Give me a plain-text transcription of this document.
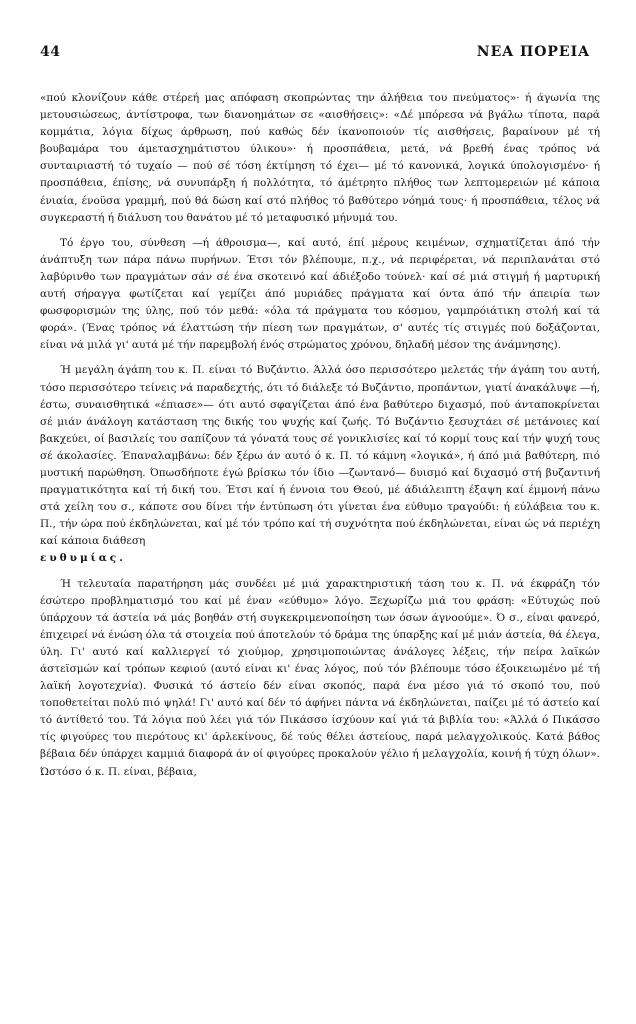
44	ΝΕΑ ΠΟΡΕΙΑ

«πού κλονίζουν κάθε στέρεή μας απόφαση σκοπρώντας την άλήθεια του πνεύματος»· ή άγωνία της μετουσιώσεως, άντίστροφα, των διανοημάτων σε «αισθήσεις»: «Δέ μπόρεσα νά βγάλω τίποτα, παρά κομμάτια, λόγια δίχως άρθρωση, πού καθώς δέν ίκανοποιούν τίς αισθήσεις, βαραίνουν μέ τή βουβαμάρα του άμετασχημάτιστου ύλικου»· ή προσπάθεια, μετά, νά βρεθή ένας τρόπος νά συνταιριαστή τό τυχαίο — πού σέ τόση έκτίμηση τό έχει— μέ τό κανονικά, λογικά ύπολογισμένο· ή προσπάθεια, έπίσης, νά συνυπάρξη ή πολλότητα, τό άμέτρητο πλήθος των λεπτομερειών μέ κάποια ένιαία, ένοϋσα γραμμή, πού θά δώση καί στό πλήθος τό βαθύτερο νόημά τους· ή προσπάθεια, τέλος νά συγκεραστή ή διάλυση του θανάτου μέ τό μεταφυσικό μήνυμά του.

Τό έργο του, σύνθεση —ή άθροισμα—, καί αυτό, έπί μέρους κειμένων, σχηματίζεται άπό τήν άνάπτυξη των πάρα πάνω πυρήνων. Έτσι τόν βλέπουμε, π.χ., νά περιφέρεται, νά περιπλανάται στό λαβύρινθο των πραγμάτων σάν σέ ένα σκοτεινό καί άδιέξοδο τούνελ· καί σέ μιά στιγμή ή μαρτυρική αυτή σήραγγα φωτίζεται καί γεμίζει άπό μυριάδες πράγματα καί όντα άπό τήν άπειρία των φωσφορισμών της ύλης, πού τόν μεθά: «όλα τά πράγματα του κόσμου, γαμπρόιάτικη στολή καί τά φορά». (Ένας τρόπος νά έλαττώση τήν πίεση των πραγμάτων, σ' αυτές τίς στιγμές πού δοξάζονται, είναι νά μιλά γι' αυτά μέ τήν παρεμβολή ένός στρώματος χρόνου, δηλαδή μέσον της άνάμνησης).

Ή μεγάλη άγάπη του κ. Π. είναι τό Βυζάντιο. Άλλά όσο περισσότερο μελετάς τήν άγάπη του αυτή, τόσο περισσότερο τείνεις νά παραδεχτής, ότι τό διάλεξε τό Βυζάντιο, προπάντων, γιατί άνακάλυψε —ή, έστω, συναισθητικά «έπιασε»— ότι αυτό σφαγίζεται άπό ένα βαθύτερο διχασμό, πού άνταποκρίνεται σέ μιάν άνάλογη κατάσταση της δικής του ψυχής καί ζωής. Τό Βυζάντιο ξεσυχτάει σέ μετάνοιες καί βακχεύει, οί βασιλείς του σαπίζουν τά γόνατά τους σέ γονικλισίες καί τό κορμί τους καί τήν ψυχή τους σέ άκολασίες. Έπαναλαμβάνω: δέν ξέρω άν αυτό ό κ. Π. τό κάμνη «λογικά», ή άπό μιά βαθύτερη, πιό μυστική παρώθηση. Όπωσδήποτε έγώ βρίσκω τόν ίδιο —ζωντανό— δυισμό καί διχασμό στή βυζαντινή πραγματικότητα καί τή δική του. Έτσι καί ή έννοια του Θεού, μέ άδιάλειπτη έξαψη καί έμμονή πάνω στά χείλη του σ., κάποτε σου δίνει τήν έντύπωση ότι γίνεται ένα εύθυμο τραγούδι: ή εύλάβεια του κ. Π., τήν ώρα πού έκδηλώνεται, καί μέ τόν τρόπο καί τή συχνότητα πού έκδηλώνεται, είναι ώς νά περιέχη καί κάποια διάθεση
ευθυμίας.

Ή τελευταία παρατήρηση μάς συνδέει μέ μιά χαρακτηριστική τάση του κ. Π. νά έκφράζη τόν έσώτερο προβληματισμό του καί μέ έναν «εύθυμο» λόγο. Ξεχωρίζω μιά του φράση: «Εύτυχώς πού ύπάρχουν τά άστεία νά μάς βοηθάν στή συγκεκριμενοποίηση των όσων άγνοούμε». Ό σ., είναι φανερό, έπιχειρεί νά ένώση όλα τά στοιχεία πού άποτελούν τό δράμα της ύπαρξης καί μέ μιάν άστεία, θά έλεγα, ύλη. Γι' αυτό καί καλλιεργεί τό χιούμορ, χρησιμοποιώντας άνάλογες λέξεις, τήν πείρα λαϊκών άστεϊσμών καί τρόπων κεφιού (αυτό είναι κι' ένας λόγος, πού τόν βλέπουμε τόσο έξοικειωμένο μέ τή λαϊκή λογοτεχνία). Φυσικά τό άστείο δέν είναι σκοπός, παρά ένα μέσο γιά τό σκοπό του, πού τοποθετείται πολύ πιό ψηλά! Γι' αυτό καί δέν τό άφήνει πάντα νά έκδηλώνεται, παίζει μέ τό άστείο καί τό άντίθετό του. Τά λόγια πού λέει γιά τόν Πικάσσο ίσχύουν καί γιά τά βιβλία του: «Άλλά ό Πικάσσο τίς φιγούρες του πιερότους κι' άρλεκίνους, δέ τούς θέλει άστείους, παρά μελαγχολικούς. Κατά βάθος βέβαια δέν ύπάρχει καμμιά διαφορά άν οί φιγούρες προκαλούν γέλιο ή μελαγχολία, κοινή ή τύχη όλων». Ώστόσο ό κ. Π. είναι, βέβαια,
